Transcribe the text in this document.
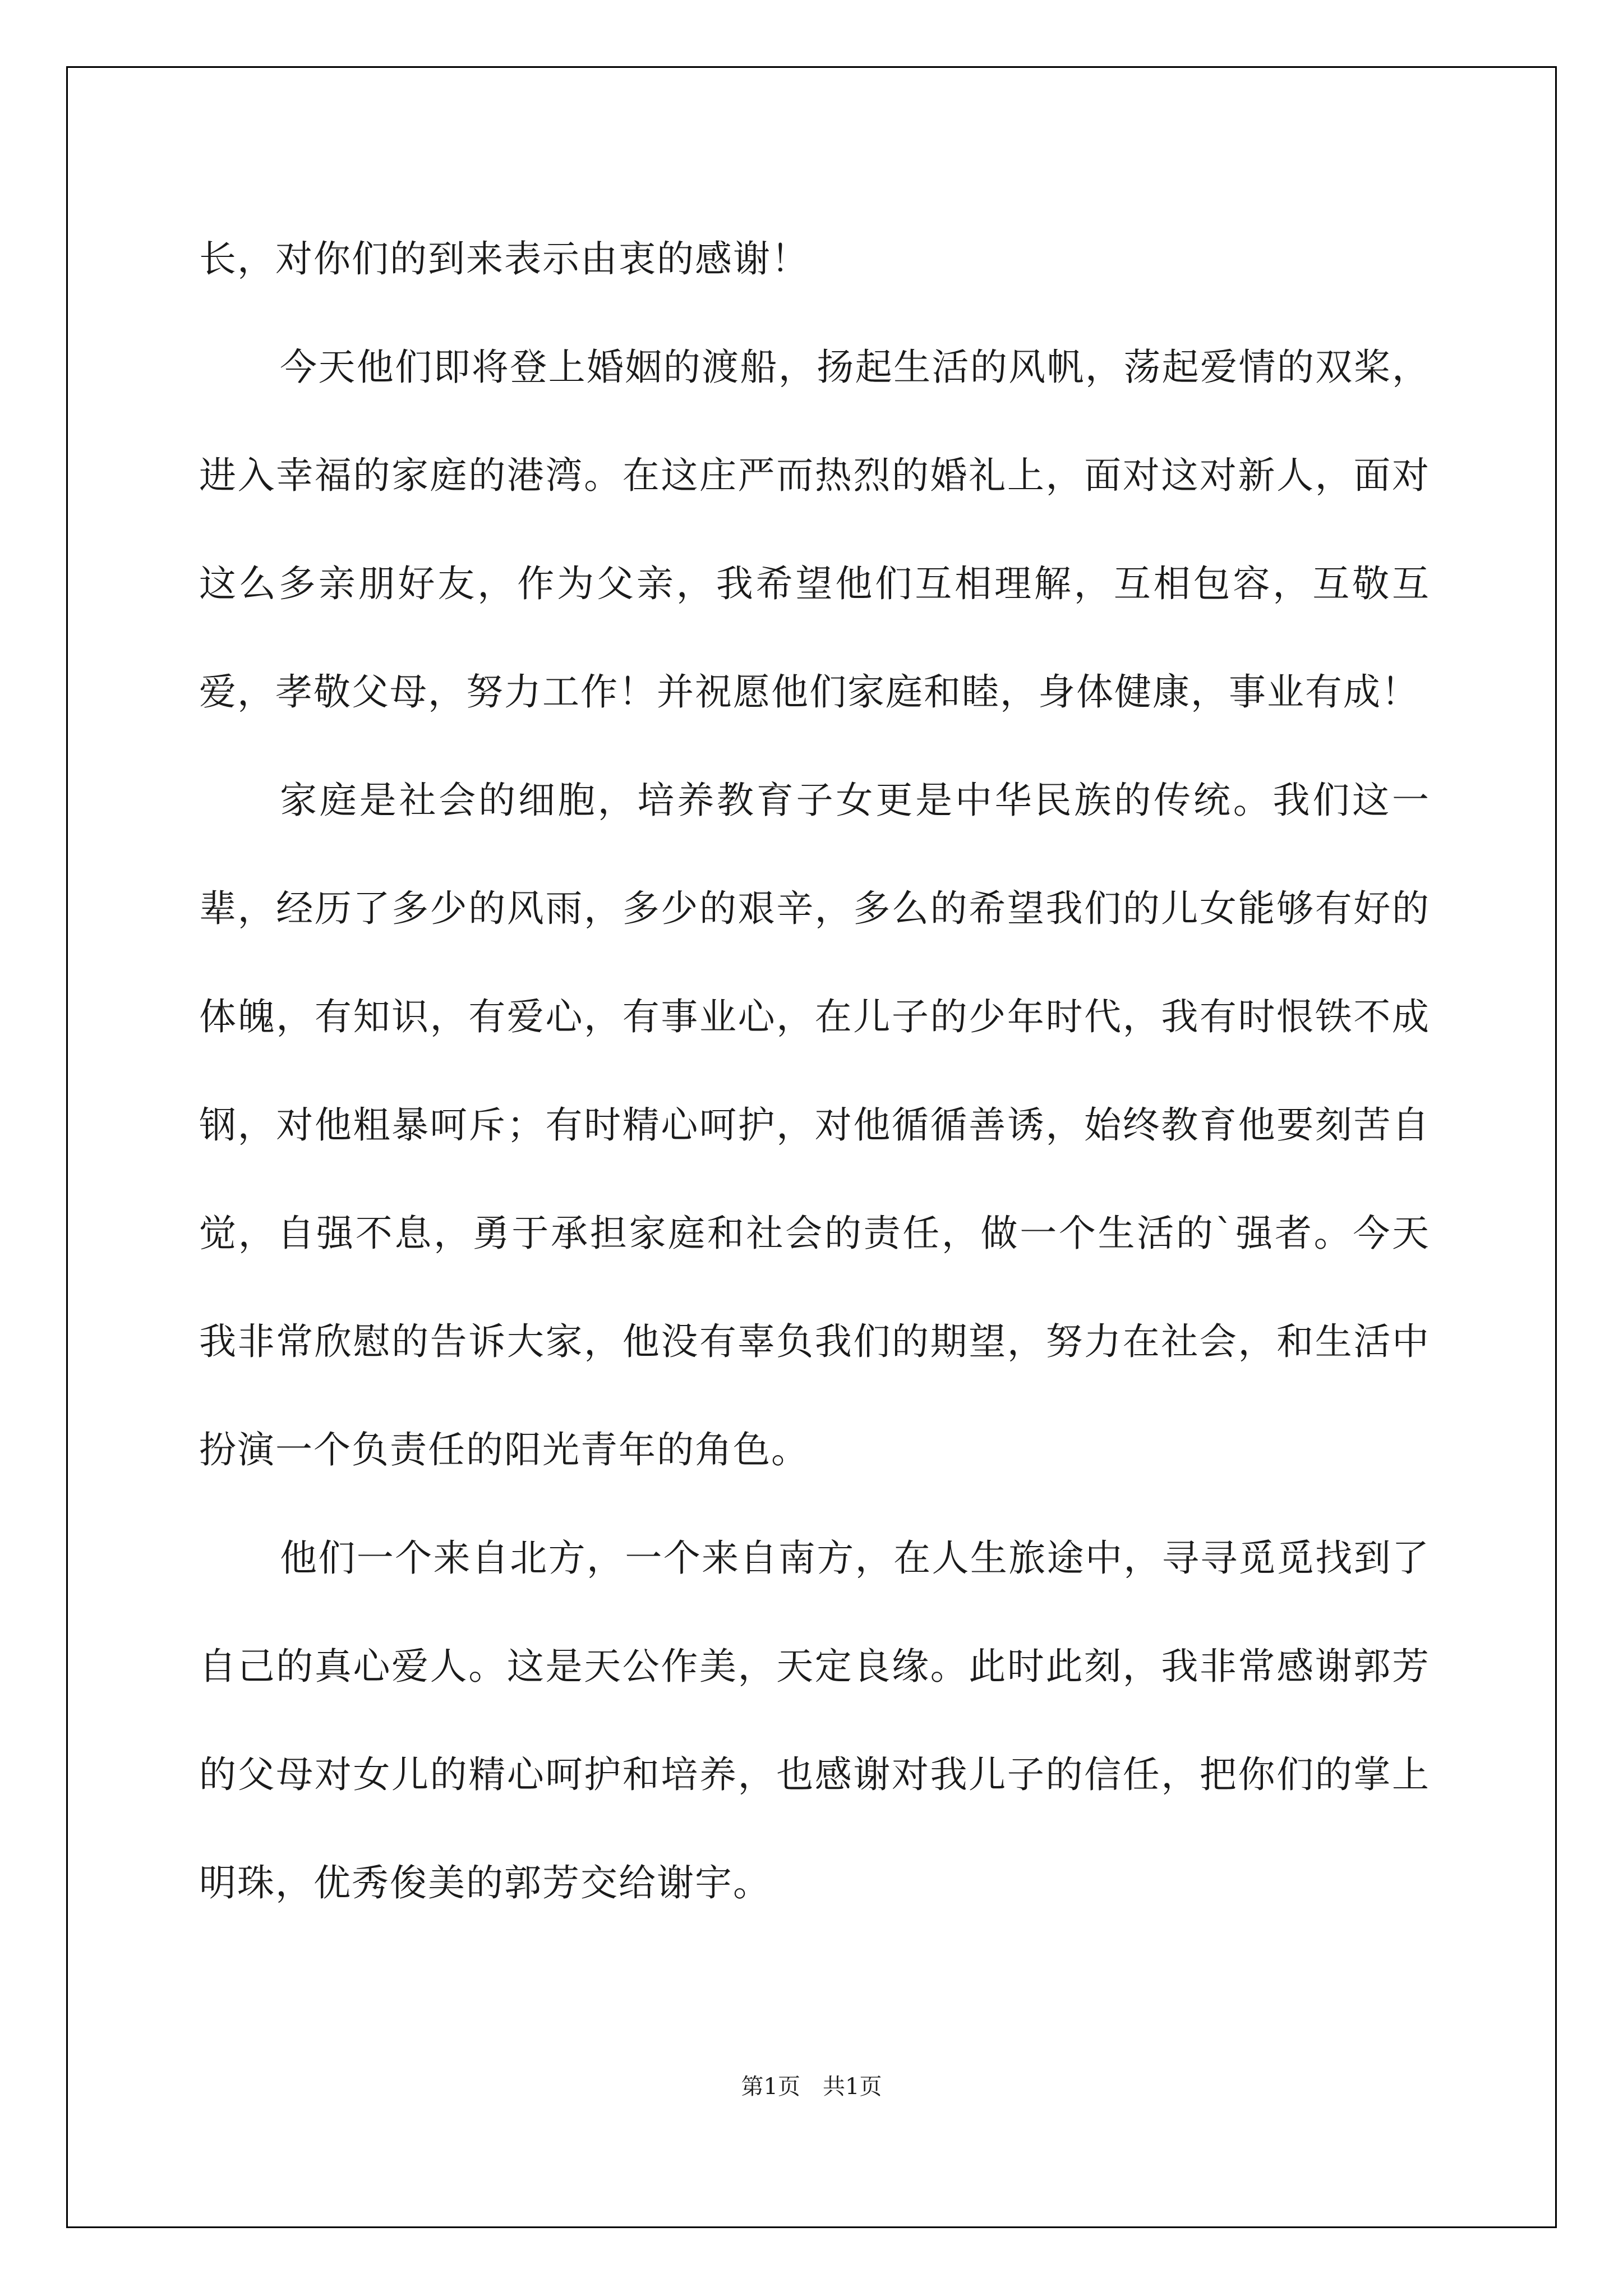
长，对你们的到来表示由衷的感谢！

今天他们即将登上婚姻的渡船，扬起生活的风帆，荡起爱情的双桨，进入幸福的家庭的港湾。在这庄严而热烈的婚礼上，面对这对新人，面对这么多亲朋好友，作为父亲，我希望他们互相理解，互相包容，互敬互爱，孝敬父母，努力工作！并祝愿他们家庭和睦，身体健康，事业有成！

家庭是社会的细胞，培养教育子女更是中华民族的传统。我们这一辈，经历了多少的风雨，多少的艰辛，多么的希望我们的儿女能够有好的体魄，有知识，有爱心，有事业心，在儿子的少年时代，我有时恨铁不成钢，对他粗暴呵斥；有时精心呵护，对他循循善诱，始终教育他要刻苦自觉，自强不息，勇于承担家庭和社会的责任，做一个生活的`强者。今天我非常欣慰的告诉大家，他没有辜负我们的期望，努力在社会，和生活中扮演一个负责任的阳光青年的角色。

他们一个来自北方，一个来自南方，在人生旅途中，寻寻觅觅找到了自己的真心爱人。这是天公作美，天定良缘。此时此刻，我非常感谢郭芳的父母对女儿的精心呵护和培养，也感谢对我儿子的信任，把你们的掌上明珠，优秀俊美的郭芳交给谢宇。

第1页 共1页
